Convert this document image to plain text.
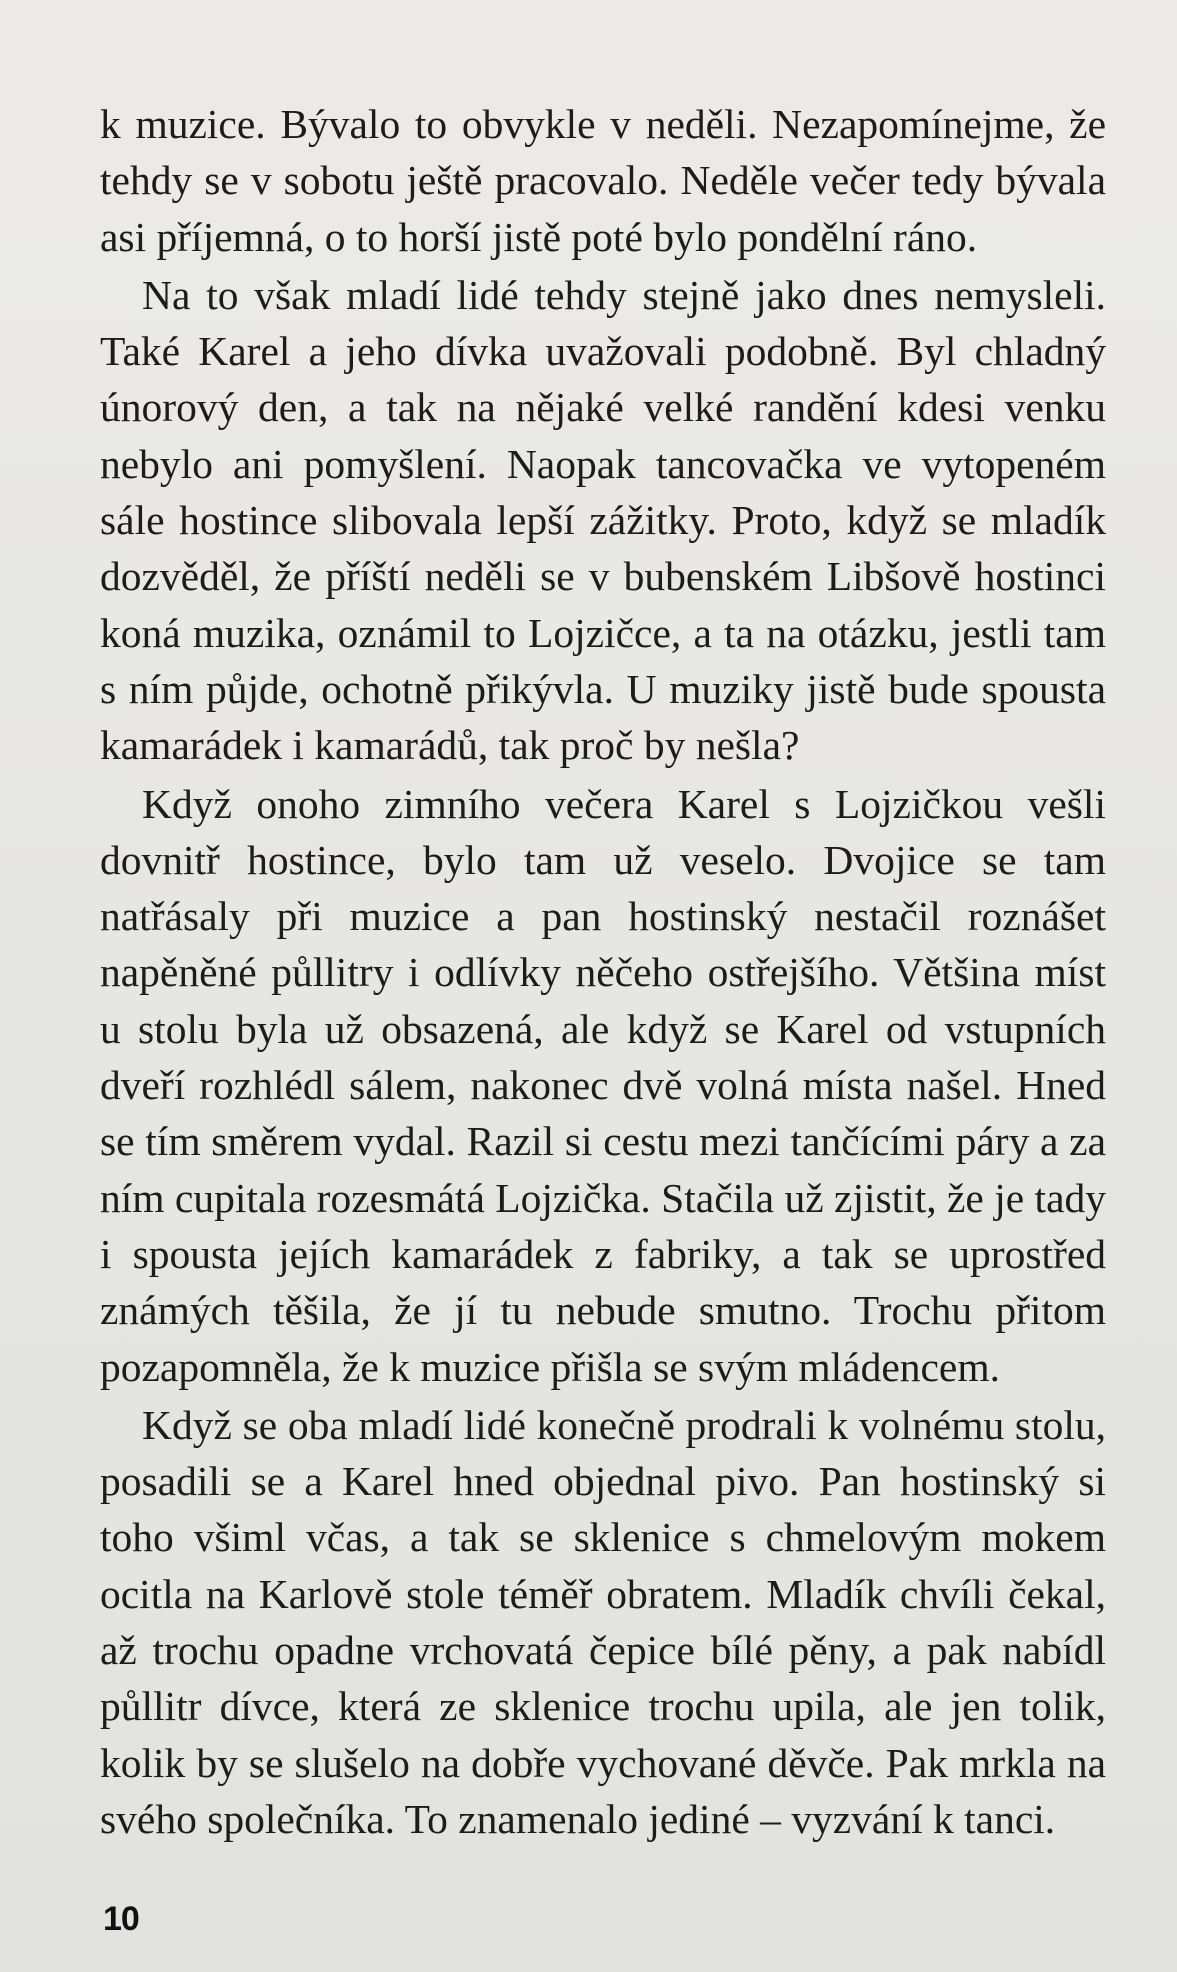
k muzice. Bývalo to obvykle v neděli. Nezapomínejme, že tehdy se v sobotu ještě pracovalo. Neděle večer tedy bývala asi příjemná, o to horší jistě poté bylo pondělní ráno.

Na to však mladí lidé tehdy stejně jako dnes nemysleli. Také Karel a jeho dívka uvažovali podobně. Byl chladný únorový den, a tak na nějaké velké randění kdesi venku nebylo ani pomyšlení. Naopak tancovačka ve vytopeném sále hostince slibovala lepší zážitky. Proto, když se mladík dozvěděl, že příští neděli se v bubenském Libšově hostinci koná muzika, oznámil to Lojzičce, a ta na otázku, jestli tam s ním půjde, ochotně přikývla. U muziky jistě bude spousta kamarádek i kamarádů, tak proč by nešla?

Když onoho zimního večera Karel s Lojzičkou vešli dovnitř hostince, bylo tam už veselo. Dvojice se tam natřásaly při muzice a pan hostinský nestačil roznášet napěněné půllitry i odlívky něčeho ostřejšího. Většina míst u stolu byla už obsazená, ale když se Karel od vstupních dveří rozhlédl sálem, nakonec dvě volná místa našel. Hned se tím směrem vydal. Razil si cestu mezi tančícími páry a za ním cupitala rozesmátá Lojzička. Stačila už zjistit, že je tady i spousta jejích kamarádek z fabriky, a tak se uprostřed známých těšila, že jí tu nebude smutno. Trochu přitom pozapomněla, že k muzice přišla se svým mládencem.

Když se oba mladí lidé konečně prodrali k volnému stolu, posadili se a Karel hned objednal pivo. Pan hostinský si toho všiml včas, a tak se sklenice s chmelovým mokem ocitla na Karlově stole téměř obratem. Mladík chvíli čekal, až trochu opadne vrchovatá čepice bílé pěny, a pak nabídl půllitr dívce, která ze sklenice trochu upila, ale jen tolik, kolik by se slušelo na dobře vychované děvče. Pak mrkla na svého společníka. To znamenalo jediné – vyzvání k tanci.

10
